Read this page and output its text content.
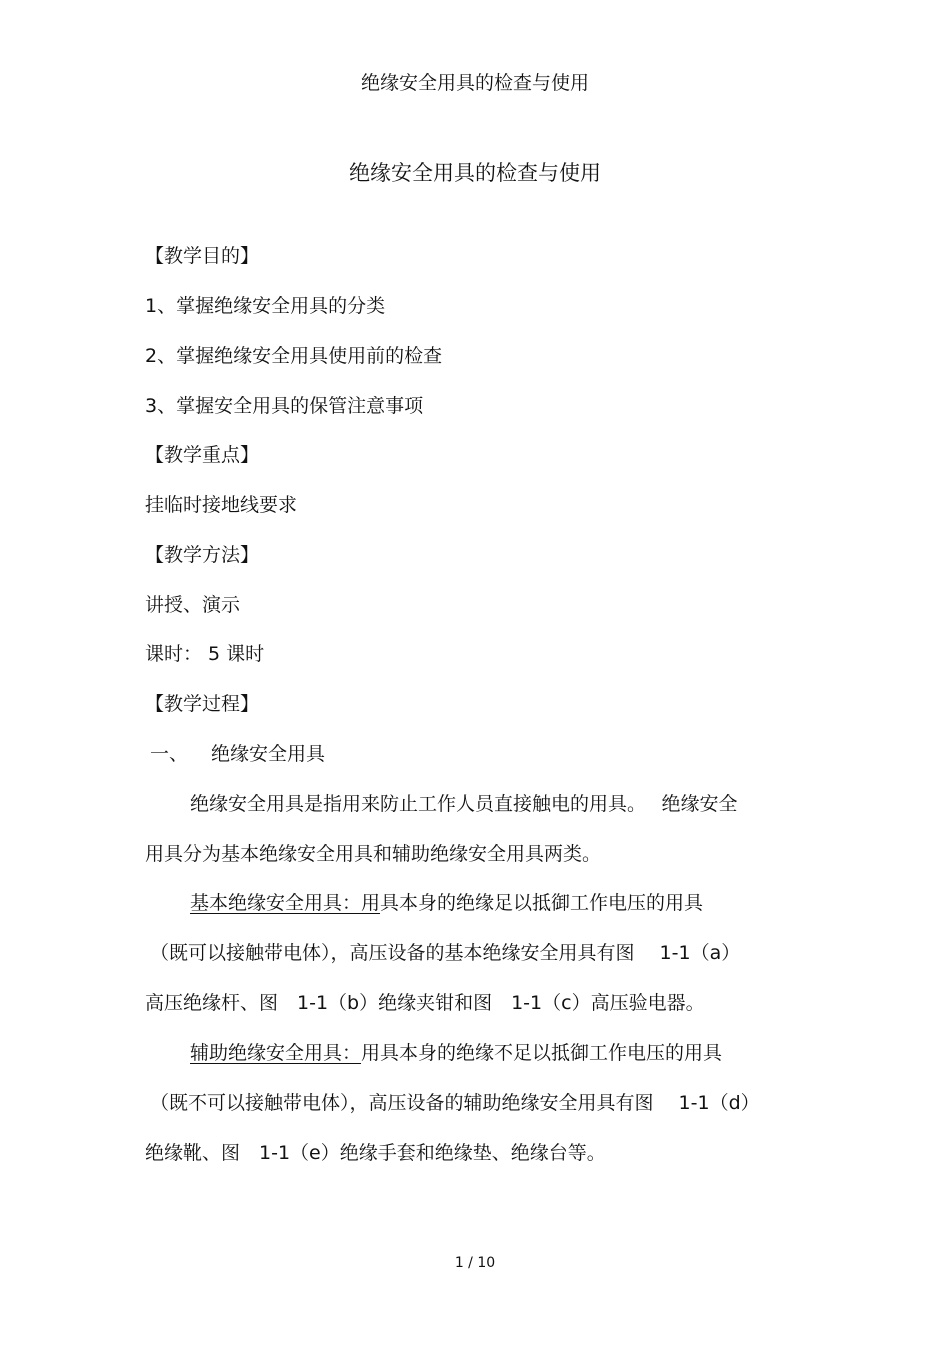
绝缘安全用具的检查与使用
绝缘安全用具的检查与使用
【教学目的】
1、掌握绝缘安全用具的分类
2、掌握绝缘安全用具使用前的检查
3、掌握安全用具的保管注意事项
【教学重点】
挂临时接地线要求
【教学方法】
讲授、演示
课时： 5 课时
【教学过程】
一、 绝缘安全用具
绝缘安全用具是指用来防止工作人员直接触电的用具。　 绝缘安全
用具分为基本绝缘安全用具和辅助绝缘安全用具两类。
基本绝缘安全用具：用具本身的绝缘足以抵御工作电压的用具
（既可以接触带电体），高压设备的基本绝缘安全用具有图　 1-1（a）
高压绝缘杆、图　1-1（b）绝缘夹钳和图　1-1（c）高压验电器。
辅助绝缘安全用具：用具本身的绝缘不足以抵御工作电压的用具
（既不可以接触带电体），高压设备的辅助绝缘安全用具有图　 1-1（d）
绝缘靴、图　1-1（e）绝缘手套和绝缘垫、绝缘台等。
1 / 10
